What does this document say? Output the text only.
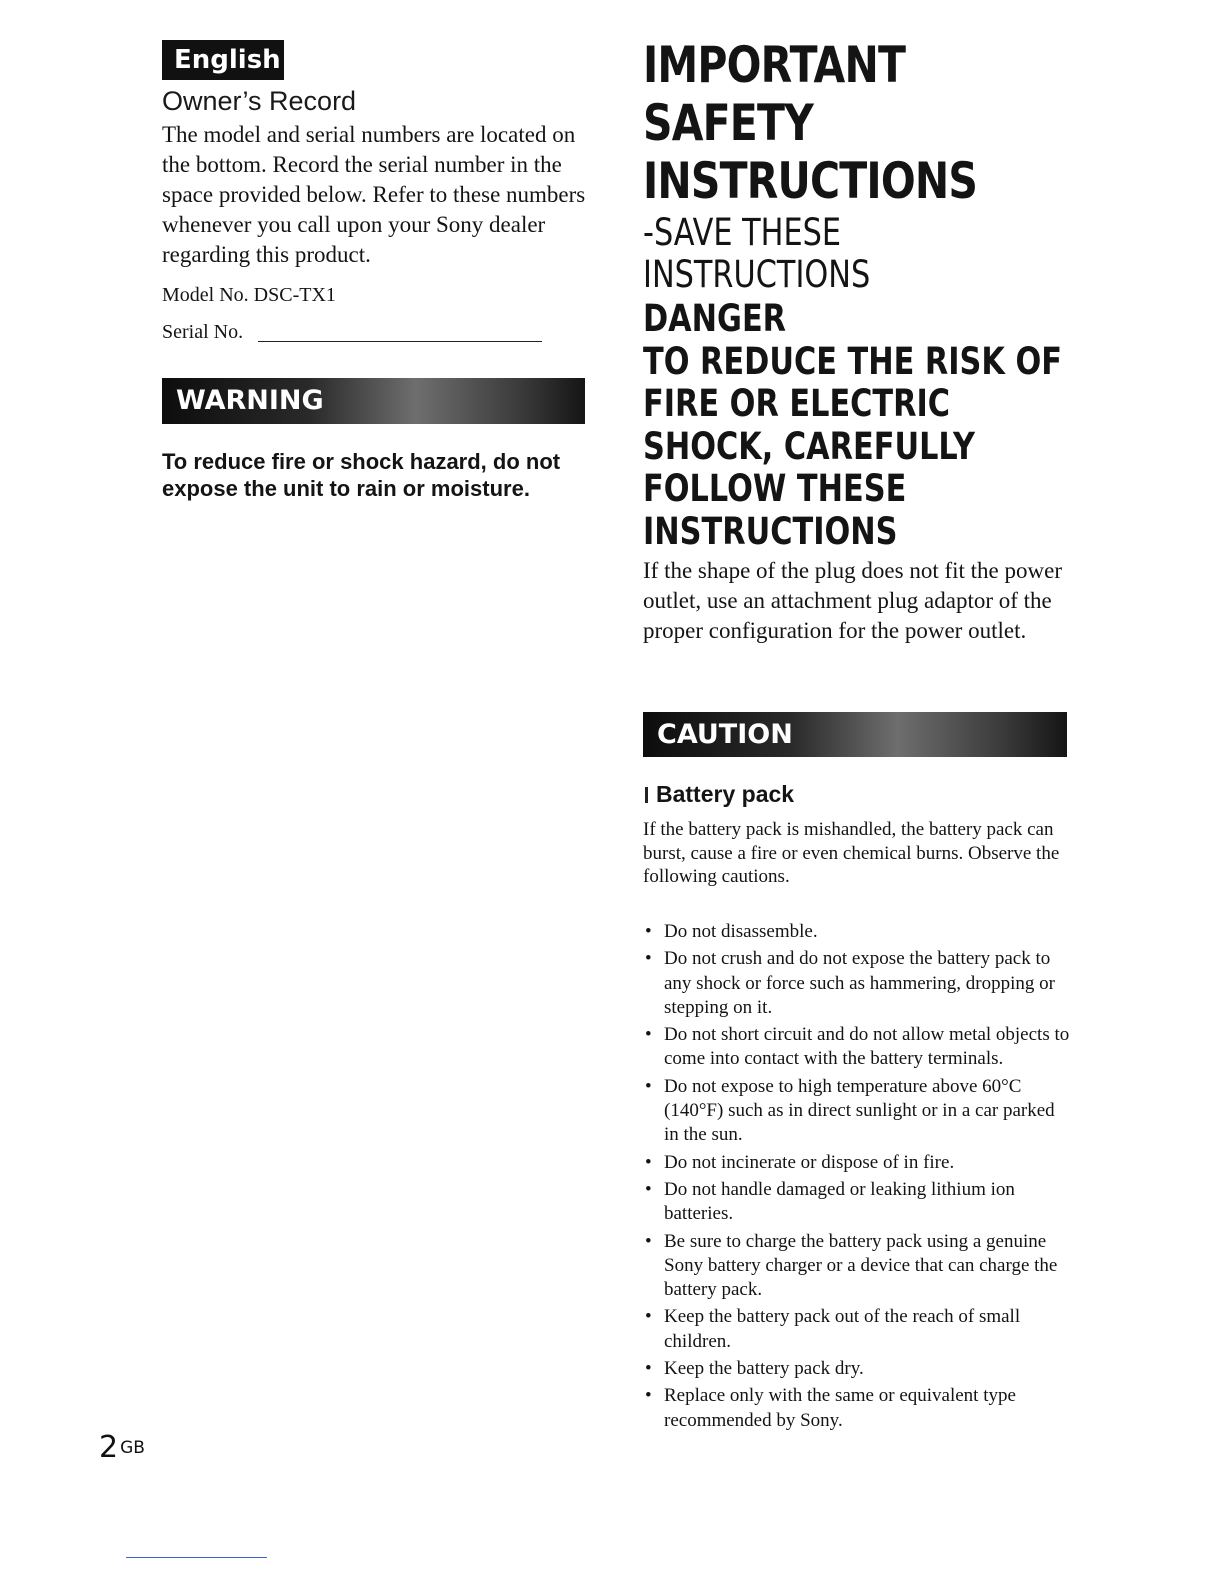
English
Owner’s Record

The model and serial numbers are located on the bottom. Record the serial number in the space provided below. Refer to these numbers whenever you call upon your Sony dealer regarding this product.

Model No. DSC-TX1
Serial No.
WARNING

To reduce fire or shock hazard, do not expose the unit to rain or moisture.

IMPORTANT
SAFETY
INSTRUCTIONS
-SAVE THESE
INSTRUCTIONS
DANGER
TO REDUCE THE RISK OF
FIRE OR ELECTRIC
SHOCK, CAREFULLY
FOLLOW THESE
INSTRUCTIONS

If the shape of the plug does not fit the power outlet, use an attachment plug adaptor of the proper configuration for the power outlet.

CAUTION
Battery pack

If the battery pack is mishandled, the battery pack can burst, cause a fire or even chemical burns. Observe the following cautions.

• Do not disassemble.
• Do not crush and do not expose the battery pack to any shock or force such as hammering, dropping or stepping on it.
• Do not short circuit and do not allow metal objects to come into contact with the battery terminals.
• Do not expose to high temperature above 60°C (140°F) such as in direct sunlight or in a car parked in the sun.
• Do not incinerate or dispose of in fire.
• Do not handle damaged or leaking lithium ion batteries.
• Be sure to charge the battery pack using a genuine Sony battery charger or a device that can charge the battery pack.
• Keep the battery pack out of the reach of small children.
• Keep the battery pack dry.
• Replace only with the same or equivalent type recommended by Sony.
2 $^{GB}$
